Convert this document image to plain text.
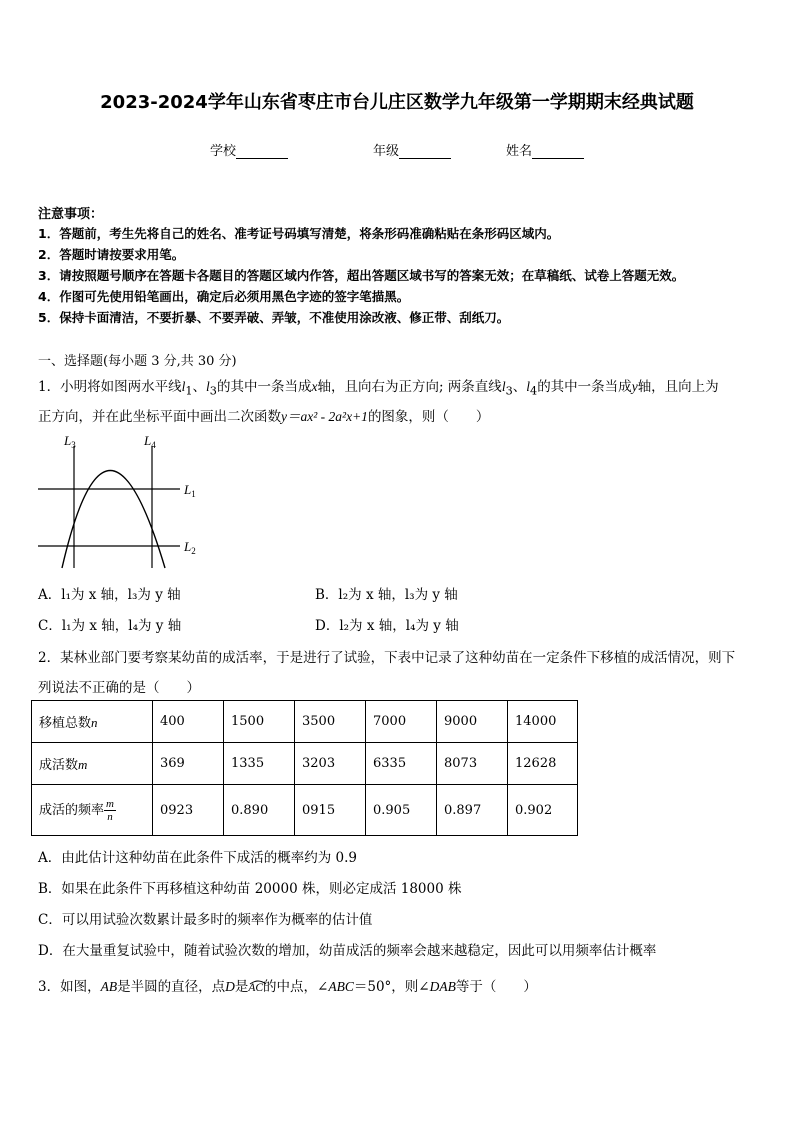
2023-2024学年山东省枣庄市台儿庄区数学九年级第一学期期末经典试题
学校	年级	姓名
注意事项：
1．答题前，考生先将自己的姓名、准考证号码填写清楚，将条形码准确粘贴在条形码区域内。
2．答题时请按要求用笔。
3．请按照题号顺序在答题卡各题目的答题区域内作答，超出答题区域书写的答案无效；在草稿纸、试卷上答题无效。
4．作图可先使用铅笔画出，确定后必须用黑色字迹的签字笔描黑。
5．保持卡面清洁，不要折暴、不要弄破、弄皱，不准使用涂改液、修正带、刮纸刀。
一、选择题(每小题 3 分,共 30 分)
1．小明将如图两水平线$l_1$、$l_3$的其中一条当成x轴，且向右为正方向; 两条直线$l_3$、$l_4$的其中一条当成y轴，且向上为
正方向，并在此坐标平面中画出二次函数y＝ax² - 2a²x+1的图象，则（　　）
$L_3$	$L_4$
$L_1$
$L_2$
A．l₁为 x 轴，l₃为 y 轴	B．l₂为 x 轴，l₃为 y 轴
C．l₁为 x 轴，l₄为 y 轴	D．l₂为 x 轴，l₄为 y 轴
2．某林业部门要考察某幼苗的成活率，于是进行了试验，下表中记录了这种幼苗在一定条件下移植的成活情况，则下
列说法不正确的是（　　）
移植总数n	400	1500	3500	7000	9000	14000
成活数m	369	1335	3203	6335	8073	12628
成活的频率 $\frac{m}{n}$	0923	0.890	0915	0.905	0.897	0.902
A．由此估计这种幼苗在此条件下成活的概率约为 0.9
B．如果在此条件下再移植这种幼苗 20000 株，则必定成活 18000 株
C．可以用试验次数累计最多时的频率作为概率的估计值
D．在大量重复试验中，随着试验次数的增加，幼苗成活的频率会越来越稳定，因此可以用频率估计概率
3．如图，AB是半圆的直径，点D是AC
的中点，∠ABC＝50°，则∠DAB等于（　　）
